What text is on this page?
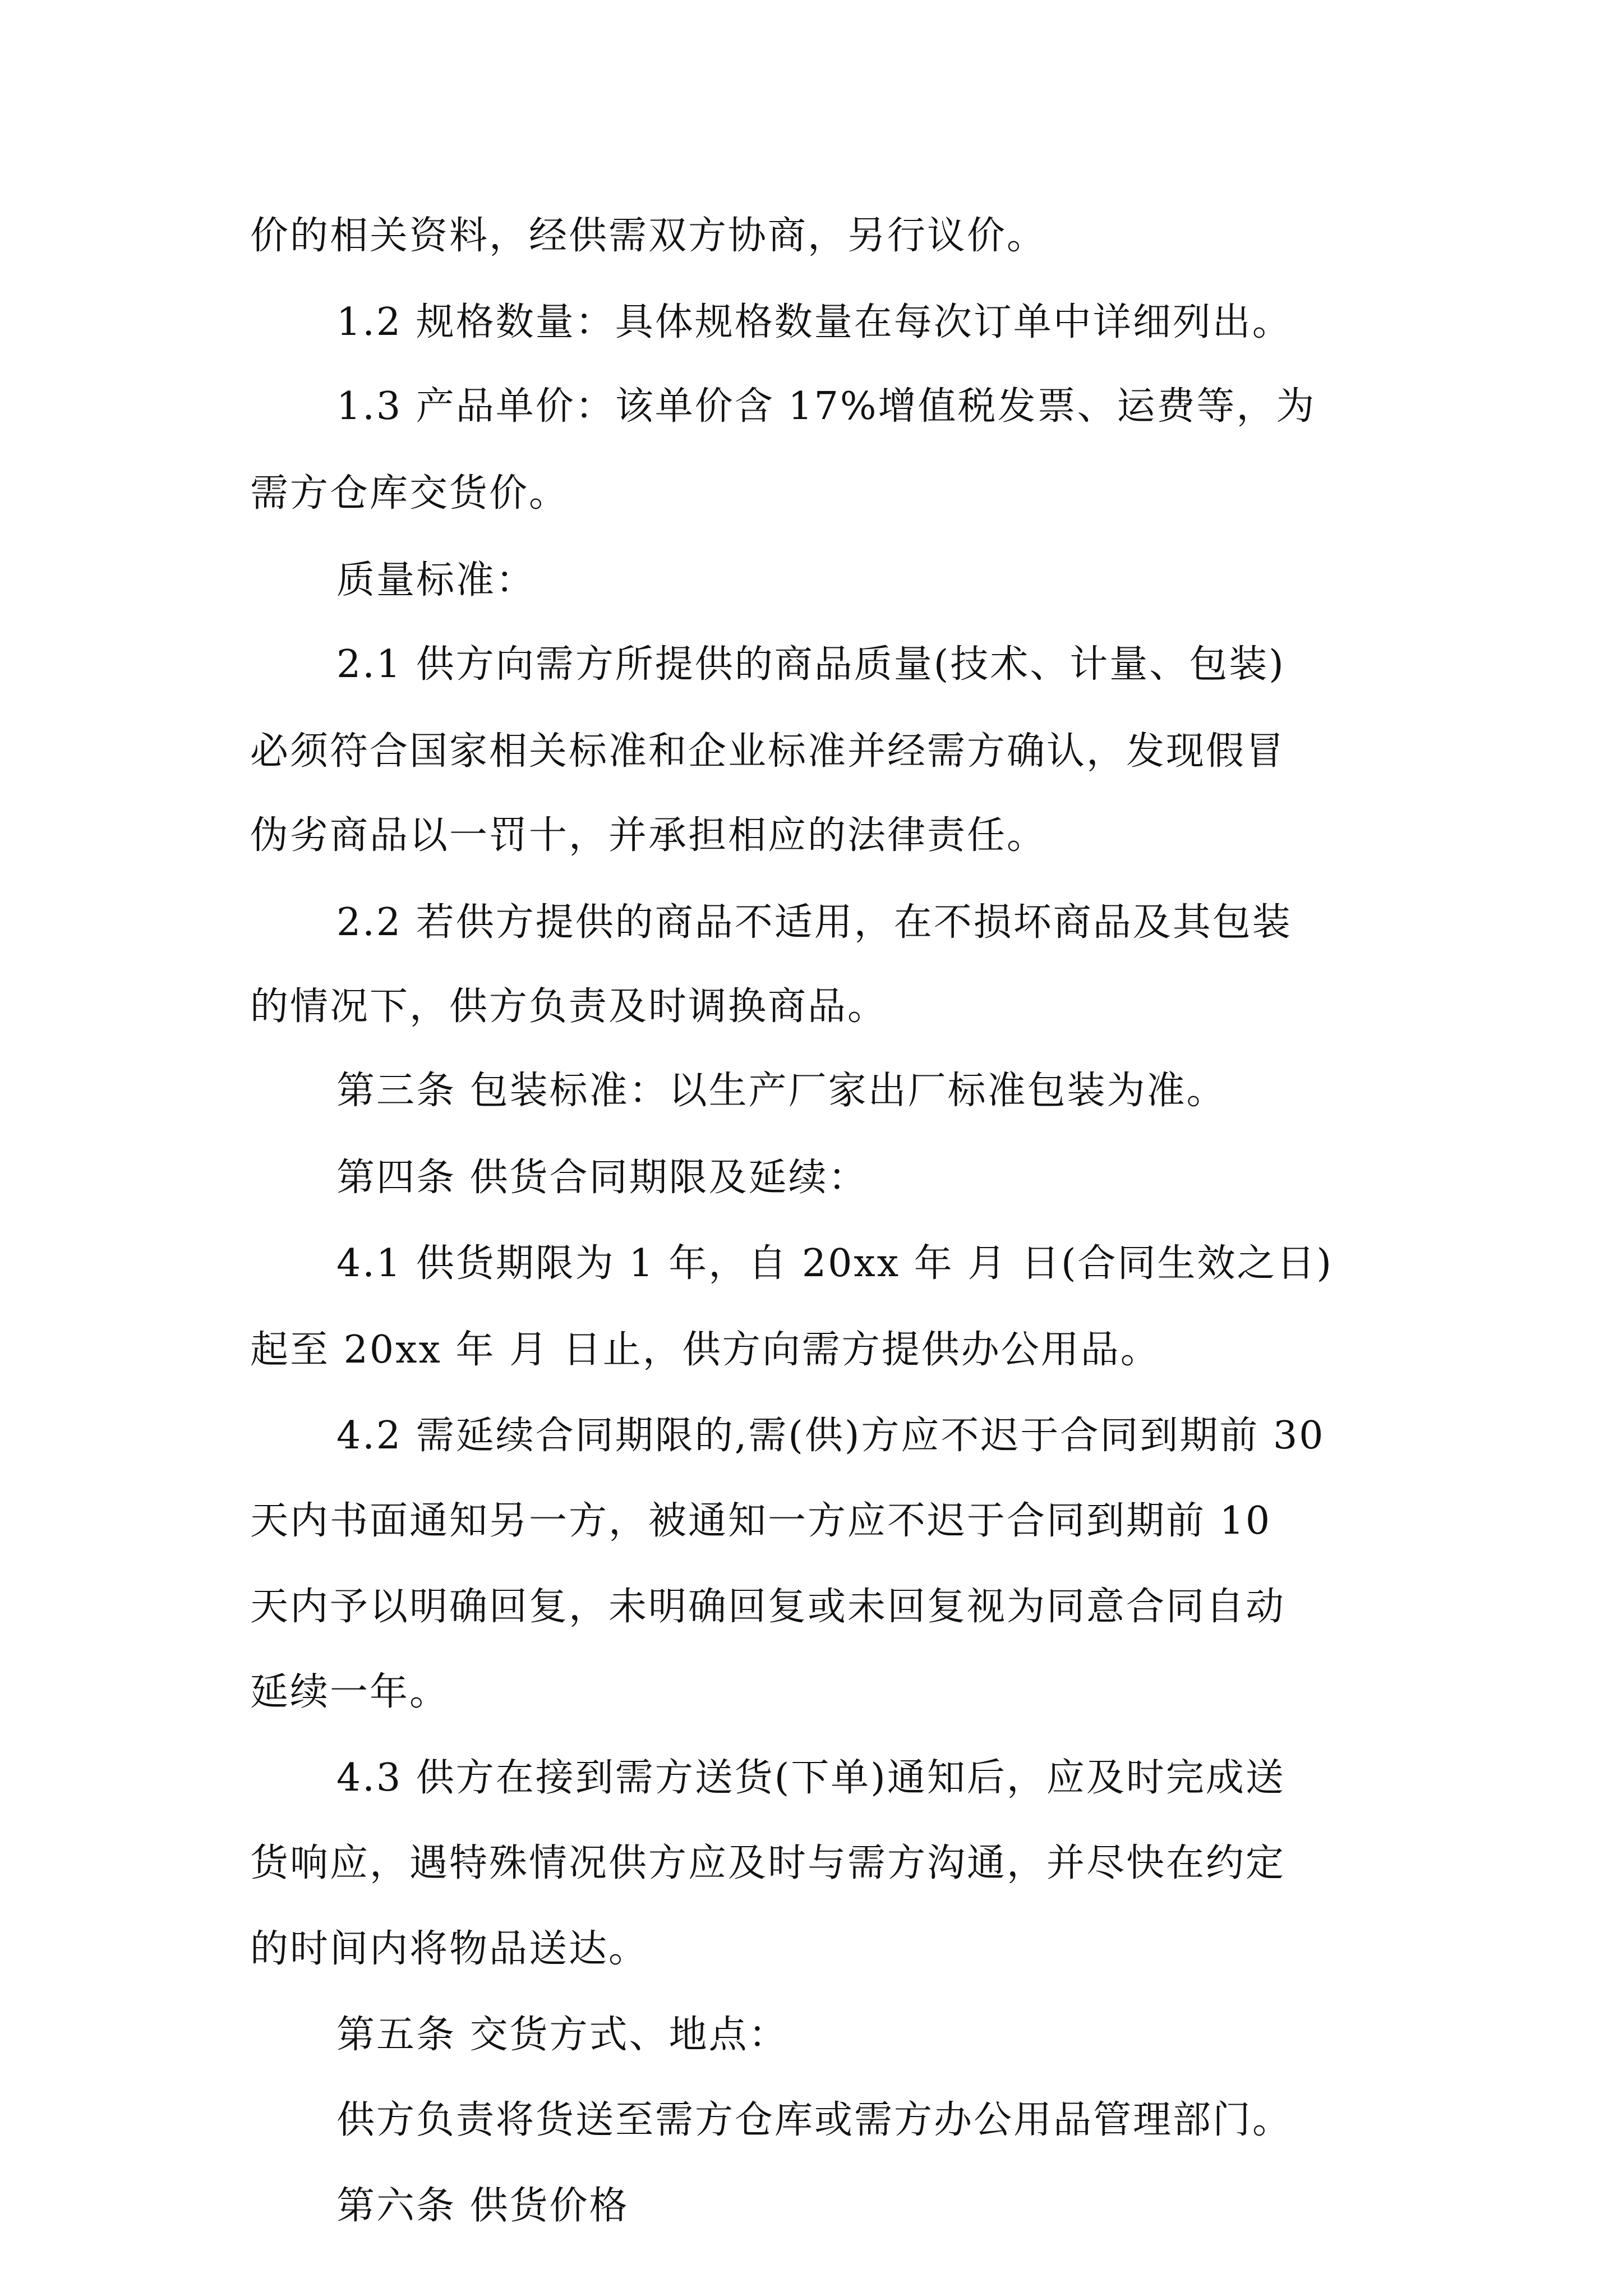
价的相关资料，经供需双方协商，另行议价。

1.2 规格数量：具体规格数量在每次订单中详细列出。

1.3 产品单价：该单价含 17%增值税发票、运费等，为

需方仓库交货价。

质量标准：

2.1 供方向需方所提供的商品质量(技术、计量、包装)

必须符合国家相关标准和企业标准并经需方确认，发现假冒

伪劣商品以一罚十，并承担相应的法律责任。

2.2 若供方提供的商品不适用，在不损坏商品及其包装

的情况下，供方负责及时调换商品。

第三条 包装标准：以生产厂家出厂标准包装为准。

第四条 供货合同期限及延续：

4.1 供货期限为 1 年，自 20xx 年 月 日(合同生效之日)

起至 20xx 年 月 日止，供方向需方提供办公用品。

4.2 需延续合同期限的,需(供)方应不迟于合同到期前 30

天内书面通知另一方，被通知一方应不迟于合同到期前 10

天内予以明确回复，未明确回复或未回复视为同意合同自动

延续一年。

4.3 供方在接到需方送货(下单)通知后，应及时完成送

货响应，遇特殊情况供方应及时与需方沟通，并尽快在约定

的时间内将物品送达。

第五条 交货方式、地点：

供方负责将货送至需方仓库或需方办公用品管理部门。

第六条 供货价格
